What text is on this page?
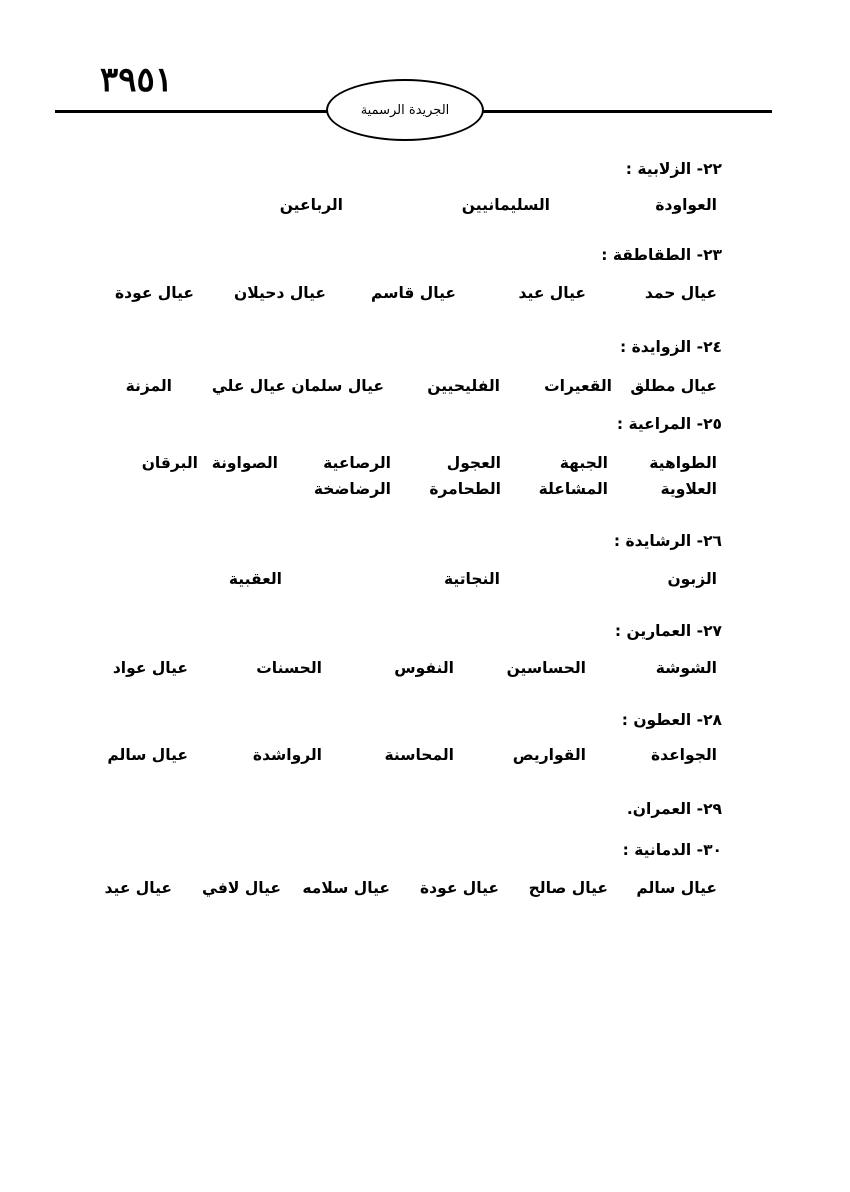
٣٩٥١
الجريدة الرسمية
٢٢- الزلابية :
العواودة
السليمانيين
الرباعين
٢٣- الطقاطقة :
عيال حمد
عيال عيد
عيال قاسم
عيال دحيلان
عيال عودة
٢٤- الزوايدة :
عيال مطلق
القعيرات
الفليحيين
عيال سلمان
عيال علي
المزنة
٢٥- المراعية :
الطواهية
الجبهة
العجول
الرصاعية
الصواونة
البرقان
العلاوية
المشاعلة
الطحامرة
الرضاضخة
٢٦- الرشايدة :
الزبون
النجاتية
العقبية
٢٧- العمارين :
الشوشة
الحساسين
النفوس
الحسنات
عيال عواد
٢٨- العطون :
الجواعدة
القواريص
المحاسنة
الرواشدة
عيال سالم
٢٩- العمران.
٣٠- الدمانية :
عيال سالم
عيال صالح
عيال عودة
عيال سلامه
عيال لافي
عيال عيد
